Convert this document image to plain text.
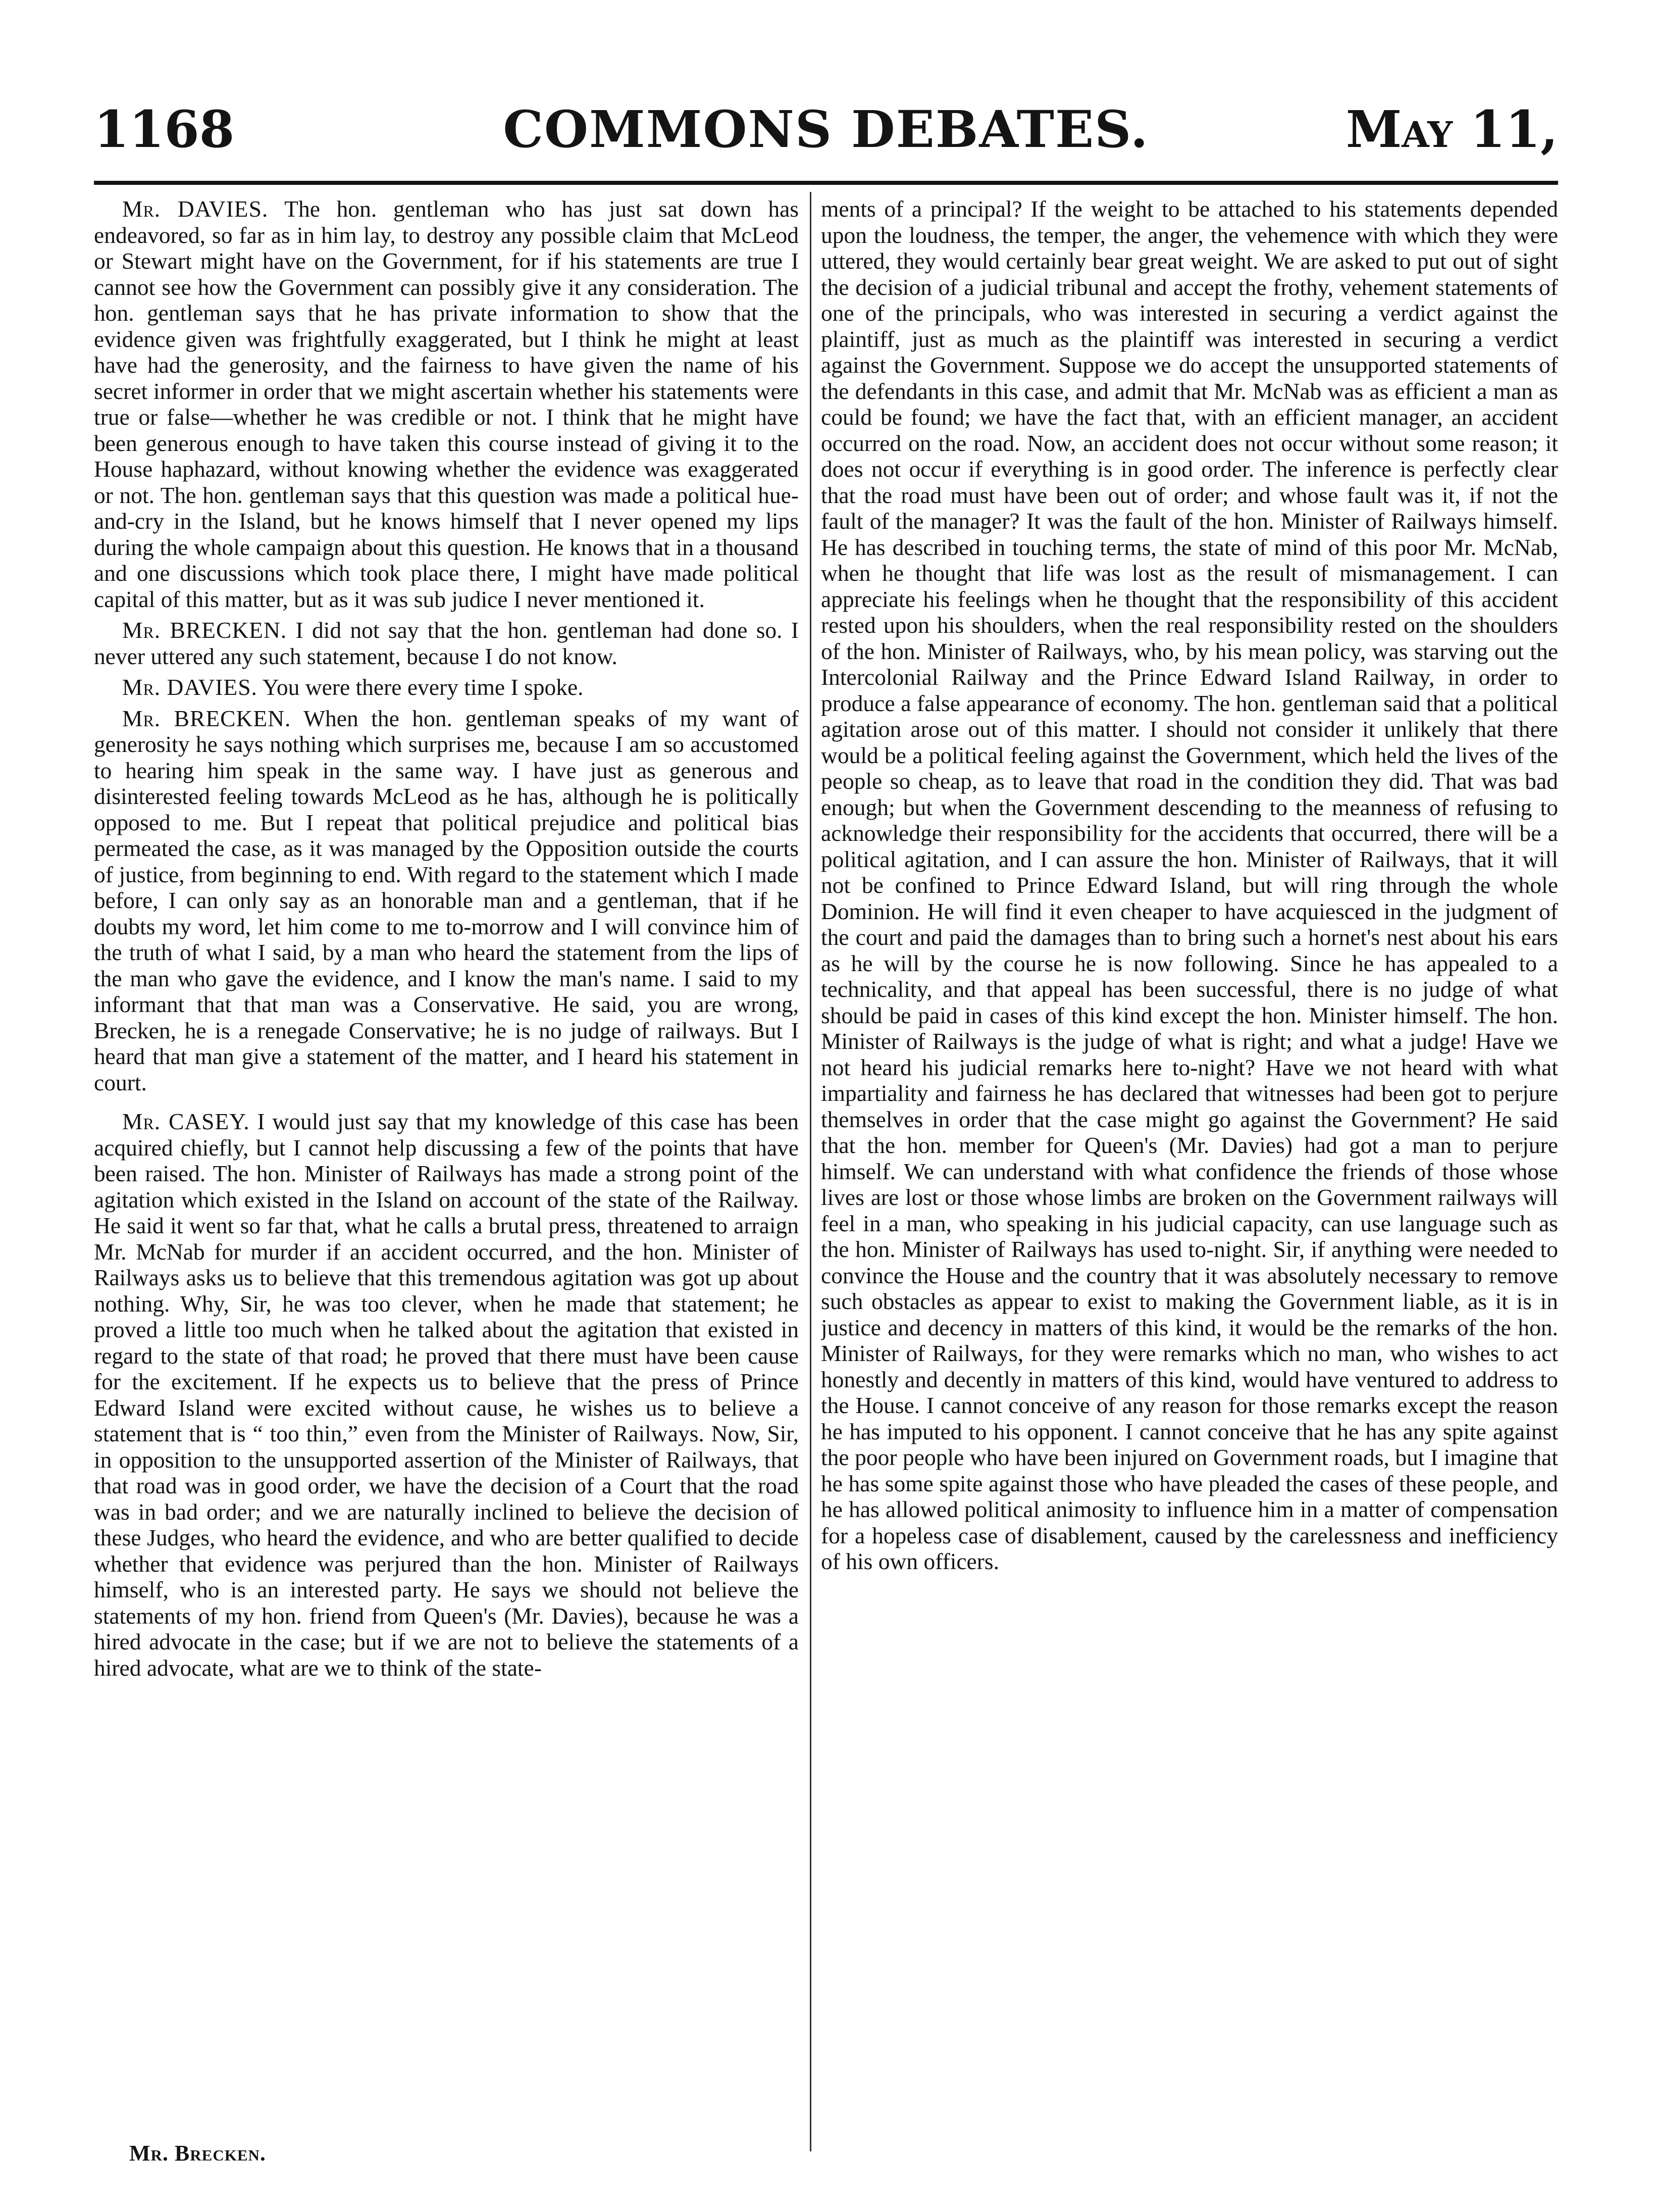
1168	COMMONS DEBATES.	May 11,

Mr. DAVIES. The hon. gentleman who has just sat down has endeavored, so far as in him lay, to destroy any possible claim that McLeod or Stewart might have on the Government, for if his statements are true I cannot see how the Government can possibly give it any consideration. The hon. gentleman says that he has private information to show that the evidence given was frightfully exaggerated, but I think he might at least have had the generosity, and the fairness to have given the name of his secret informer in order that we might ascertain whether his statements were true or false—whether he was credible or not. I think that he might have been generous enough to have taken this course instead of giving it to the House haphazard, without knowing whether the evidence was exaggerated or not. The hon. gentleman says that this question was made a political hue-and-cry in the Island, but he knows himself that I never opened my lips during the whole campaign about this question. He knows that in a thousand and one discussions which took place there, I might have made political capital of this matter, but as it was sub judice I never mentioned it.

Mr. BRECKEN. I did not say that the hon. gentleman had done so. I never uttered any such statement, because I do not know.

Mr. DAVIES. You were there every time I spoke.

Mr. BRECKEN. When the hon. gentleman speaks of my want of generosity he says nothing which surprises me, because I am so accustomed to hearing him speak in the same way. I have just as generous and disinterested feeling towards McLeod as he has, although he is politically opposed to me. But I repeat that political prejudice and political bias permeated the case, as it was managed by the Opposition outside the courts of justice, from beginning to end. With regard to the statement which I made before, I can only say as an honorable man and a gentleman, that if he doubts my word, let him come to me to-morrow and I will convince him of the truth of what I said, by a man who heard the statement from the lips of the man who gave the evidence, and I know the man's name. I said to my informant that that man was a Conservative. He said, you are wrong, Brecken, he is a renegade Conservative; he is no judge of railways. But I heard that man give a statement of the matter, and I heard his statement in court.

Mr. CASEY. I would just say that my knowledge of this case has been acquired chiefly, but I cannot help discussing a few of the points that have been raised. The hon. Minister of Railways has made a strong point of the agitation which existed in the Island on account of the state of the Railway. He said it went so far that, what he calls a brutal press, threatened to arraign Mr. McNab for murder if an accident occurred, and the hon. Minister of Railways asks us to believe that this tremendous agitation was got up about nothing. Why, Sir, he was too clever, when he made that statement; he proved a little too much when he talked about the agitation that existed in regard to the state of that road; he proved that there must have been cause for the excitement. If he expects us to believe that the press of Prince Edward Island were excited without cause, he wishes us to believe a statement that is “ too thin,” even from the Minister of Railways. Now, Sir, in opposition to the unsupported assertion of the Minister of Railways, that that road was in good order, we have the decision of a Court that the road was in bad order; and we are naturally inclined to believe the decision of these Judges, who heard the evidence, and who are better qualified to decide whether that evidence was perjured than the hon. Minister of Railways himself, who is an interested party. He says we should not believe the statements of my hon. friend from Queen's (Mr. Davies), because he was a hired advocate in the case; but if we are not to believe the statements of a hired advocate, what are we to think of the state-

ments of a principal? If the weight to be attached to his statements depended upon the loudness, the temper, the anger, the vehemence with which they were uttered, they would certainly bear great weight. We are asked to put out of sight the decision of a judicial tribunal and accept the frothy, vehement statements of one of the principals, who was interested in securing a verdict against the plaintiff, just as much as the plaintiff was interested in securing a verdict against the Government. Suppose we do accept the unsupported statements of the defendants in this case, and admit that Mr. McNab was as efficient a man as could be found; we have the fact that, with an efficient manager, an accident occurred on the road. Now, an accident does not occur without some reason; it does not occur if everything is in good order. The inference is perfectly clear that the road must have been out of order; and whose fault was it, if not the fault of the manager? It was the fault of the hon. Minister of Railways himself. He has described in touching terms, the state of mind of this poor Mr. McNab, when he thought that life was lost as the result of mismanagement. I can appreciate his feelings when he thought that the responsibility of this accident rested upon his shoulders, when the real responsibility rested on the shoulders of the hon. Minister of Railways, who, by his mean policy, was starving out the Intercolonial Railway and the Prince Edward Island Railway, in order to produce a false appearance of economy. The hon. gentleman said that a political agitation arose out of this matter. I should not consider it unlikely that there would be a political feeling against the Government, which held the lives of the people so cheap, as to leave that road in the condition they did. That was bad enough; but when the Government descending to the meanness of refusing to acknowledge their responsibility for the accidents that occurred, there will be a political agitation, and I can assure the hon. Minister of Railways, that it will not be confined to Prince Edward Island, but will ring through the whole Dominion. He will find it even cheaper to have acquiesced in the judgment of the court and paid the damages than to bring such a hornet's nest about his ears as he will by the course he is now following. Since he has appealed to a technicality, and that appeal has been successful, there is no judge of what should be paid in cases of this kind except the hon. Minister himself. The hon. Minister of Railways is the judge of what is right; and what a judge! Have we not heard his judicial remarks here to-night? Have we not heard with what impartiality and fairness he has declared that witnesses had been got to perjure themselves in order that the case might go against the Government? He said that the hon. member for Queen's (Mr. Davies) had got a man to perjure himself. We can understand with what confidence the friends of those whose lives are lost or those whose limbs are broken on the Government railways will feel in a man, who speaking in his judicial capacity, can use language such as the hon. Minister of Railways has used to-night. Sir, if anything were needed to convince the House and the country that it was absolutely necessary to remove such obstacles as appear to exist to making the Government liable, as it is in justice and decency in matters of this kind, it would be the remarks of the hon. Minister of Railways, for they were remarks which no man, who wishes to act honestly and decently in matters of this kind, would have ventured to address to the House. I cannot conceive of any reason for those remarks except the reason he has imputed to his opponent. I cannot conceive that he has any spite against the poor people who have been injured on Government roads, but I imagine that he has some spite against those who have pleaded the cases of these people, and he has allowed political animosity to influence him in a matter of compensation for a hopeless case of disablement, caused by the carelessness and inefficiency of his own officers.

Mr. Brecken.
